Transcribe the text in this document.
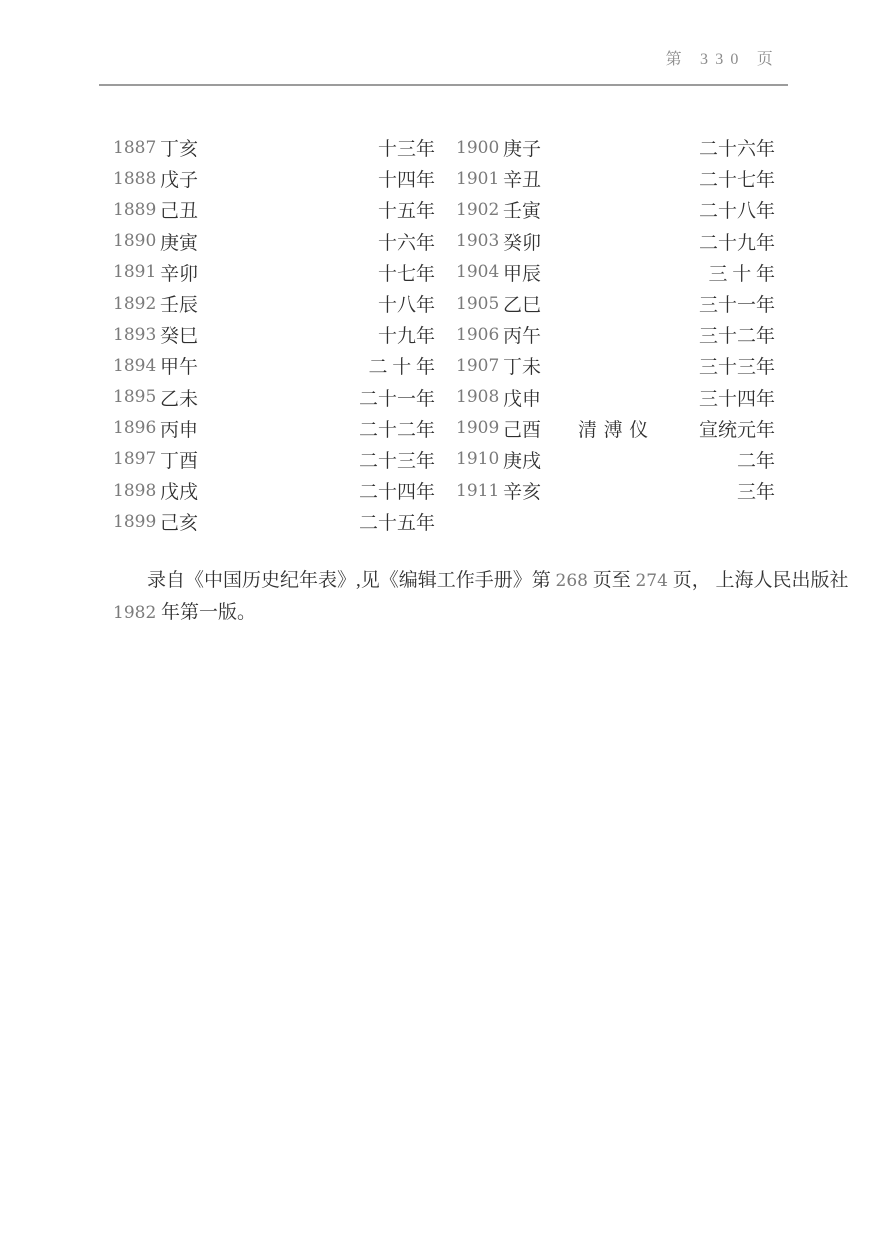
第 330 页
1887 丁亥	十三年
1888 戊子	十四年
1889 己丑	十五年
1890 庚寅	十六年
1891 辛卯	十七年
1892 壬辰	十八年
1893 癸巳	十九年
1894 甲午	二 十 年
1895 乙未	二十一年
1896 丙申	二十二年
1897 丁酉	二十三年
1898 戊戌	二十四年
1899 己亥	二十五年
1900 庚子	二十六年
1901 辛丑	二十七年
1902 壬寅	二十八年
1903 癸卯	二十九年
1904 甲辰	三 十 年
1905 乙巳	三十一年
1906 丙午	三十二年
1907 丁未	三十三年
1908 戊申	三十四年
1909 己酉	清溥仪	宣统元年
1910 庚戌	二年
1911 辛亥	三年
录自《中国历史纪年表》,见《编辑工作手册》第 268 页至 274 页， 上海人民出版社
1982 年第一版。
